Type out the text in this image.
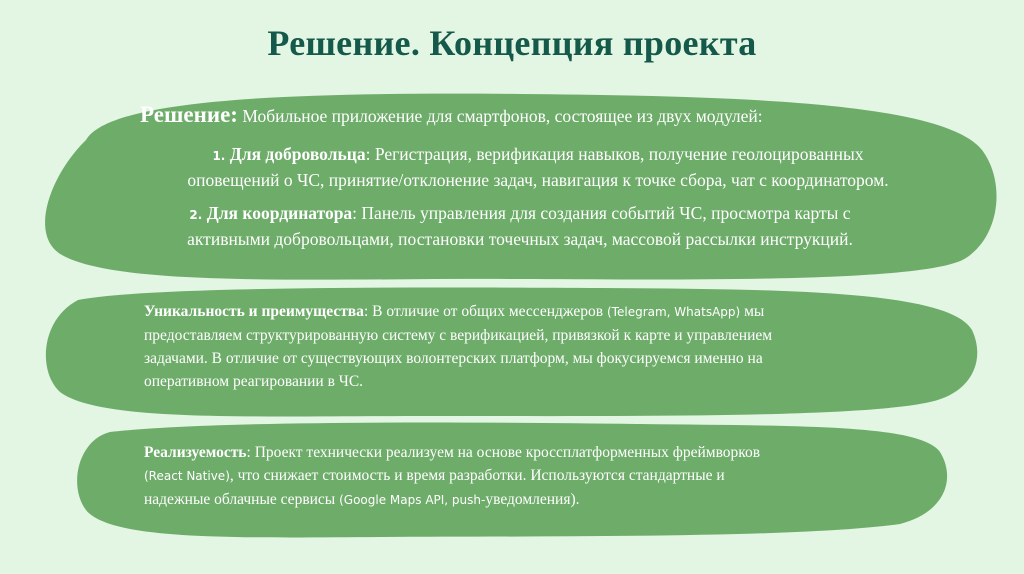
Решение. Концепция проекта
Решение: Мобильное приложение для смартфонов, состоящее из двух модулей:
1. Для добровольца: Регистрация, верификация навыков, получение геолоцированных
оповещений о ЧС, принятие/отклонение задач, навигация к точке сбора, чат с координатором.
2. Для координатора: Панель управления для создания событий ЧС, просмотра карты с
активными добровольцами, постановки точечных задач, массовой рассылки инструкций.
Уникальность и преимущества: В отличие от общих мессенджеров (Telegram, WhatsApp) мы
предоставляем структурированную систему с верификацией, привязкой к карте и управлением
задачами. В отличие от существующих волонтерских платформ, мы фокусируемся именно на
оперативном реагировании в ЧС.
Реализуемость: Проект технически реализуем на основе кроссплатформенных фреймворков
(React Native), что снижает стоимость и время разработки. Используются стандартные и
надежные облачные сервисы (Google Maps API, push-уведомления).
